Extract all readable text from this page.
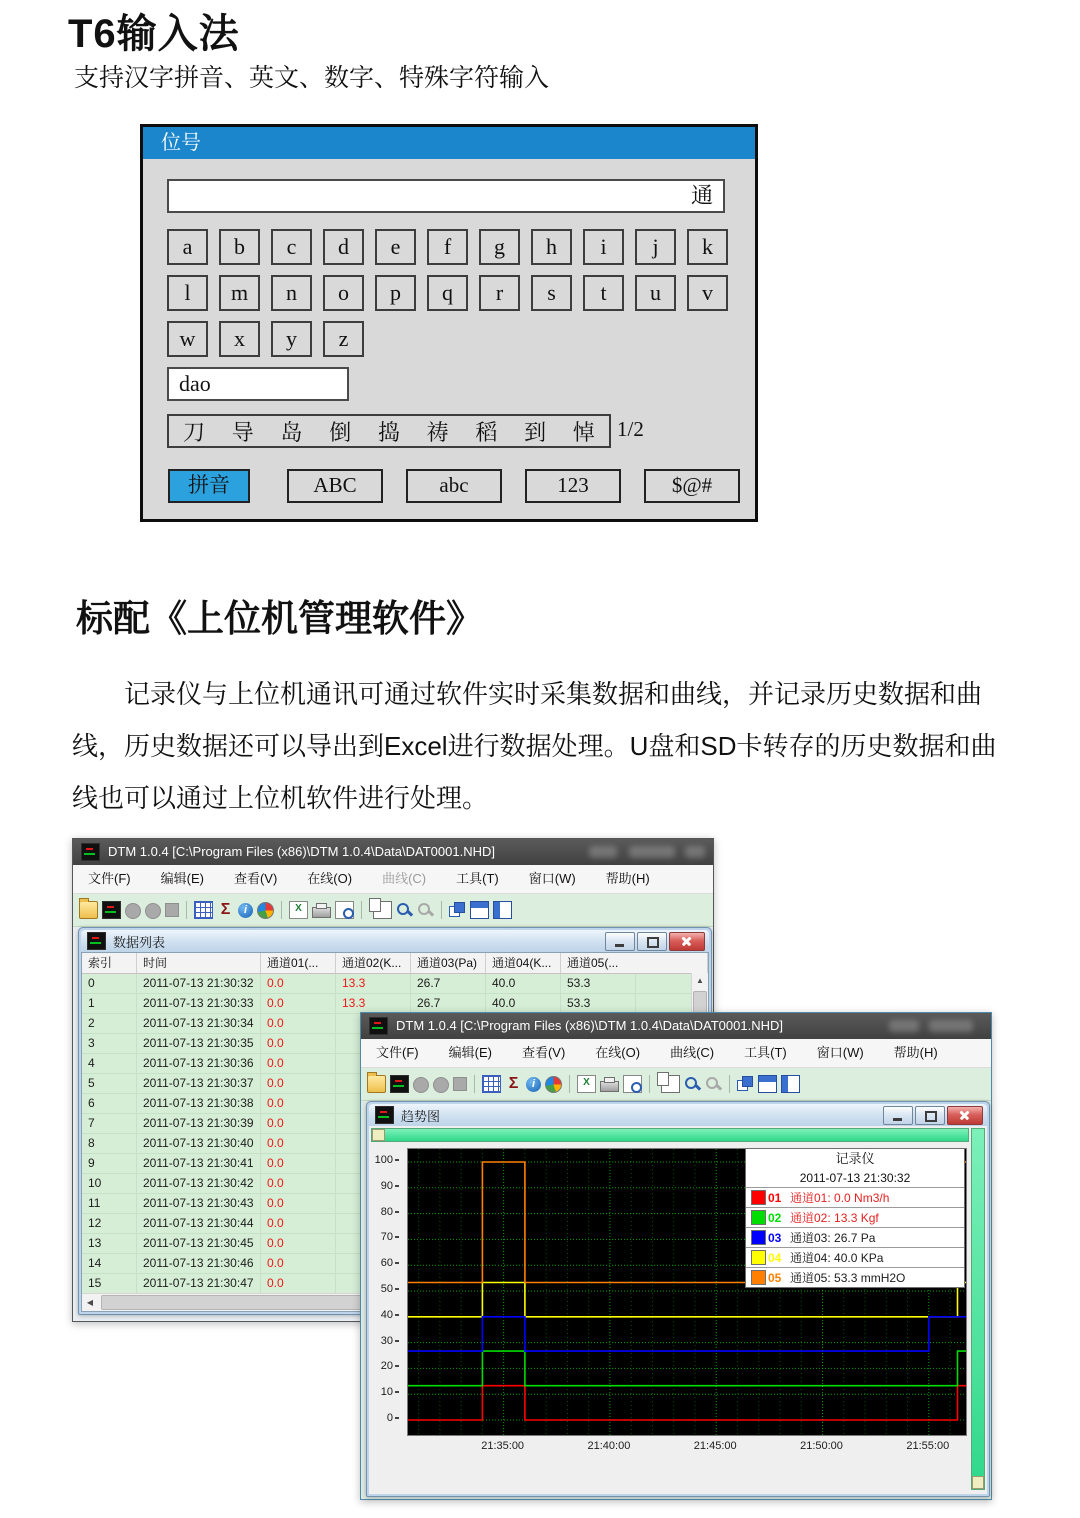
T6输入法
支持汉字拼音、英文、数字、特殊字符输入
位号
通
a b c d e f g h i j k
l m n o p q r s t u v
w x y z
dao
刀 导 岛 倒 捣 祷 稻 到 悼 1/2
拼音	ABC	abc	123	$@#
标配《上位机管理软件》
记录仪与上位机通讯可通过软件实时采集数据和曲线，并记录历史数据和曲线，历史数据还可以导出到Excel进行数据处理。U盘和SD卡转存的历史数据和曲线也可以通过上位机软件进行处理。
DTM 1.0.4 [C:\Program Files (x86)\DTM 1.0.4\Data\DAT0001.NHD]
文件(F)	编辑(E)	查看(V)	在线(O)	曲线(C)	工具(T)	窗口(W)	帮助(H)
Σ	i	X
数据列表
索引	时间	通道01(...	通道02(K...	通道03(Pa)	通道04(K...	通道05(...
0	2011-07-13 21:30:32	0.0	13.3	26.7	40.0	53.3
1	2011-07-13 21:30:33	0.0	13.3	26.7	40.0	53.3
2	2011-07-13 21:30:34	0.0
3	2011-07-13 21:30:35	0.0
4	2011-07-13 21:30:36	0.0
5	2011-07-13 21:30:37	0.0
6	2011-07-13 21:30:38	0.0
7	2011-07-13 21:30:39	0.0
8	2011-07-13 21:30:40	0.0
9	2011-07-13 21:30:41	0.0
10	2011-07-13 21:30:42	0.0
11	2011-07-13 21:30:43	0.0
12	2011-07-13 21:30:44	0.0
13	2011-07-13 21:30:45	0.0
14	2011-07-13 21:30:46	0.0
15	2011-07-13 21:30:47	0.0
▲
◀
DTM 1.0.4 [C:\Program Files (x86)\DTM 1.0.4\Data\DAT0001.NHD]
文件(F)	编辑(E)	查看(V)	在线(O)	曲线(C)	工具(T)	窗口(W)	帮助(H)
Σ	i	X
趋势图
100
90
80
70
60
50
40
30
20
10
0
21:35:00	21:40:00	21:45:00	21:50:00	21:55:00
记录仪
2011-07-13 21:30:32
01 通道01: 0.0 Nm3/h
02 通道02: 13.3 Kgf
03 通道03: 26.7 Pa
04 通道04: 40.0 KPa
05 通道05: 53.3 mmH2O
